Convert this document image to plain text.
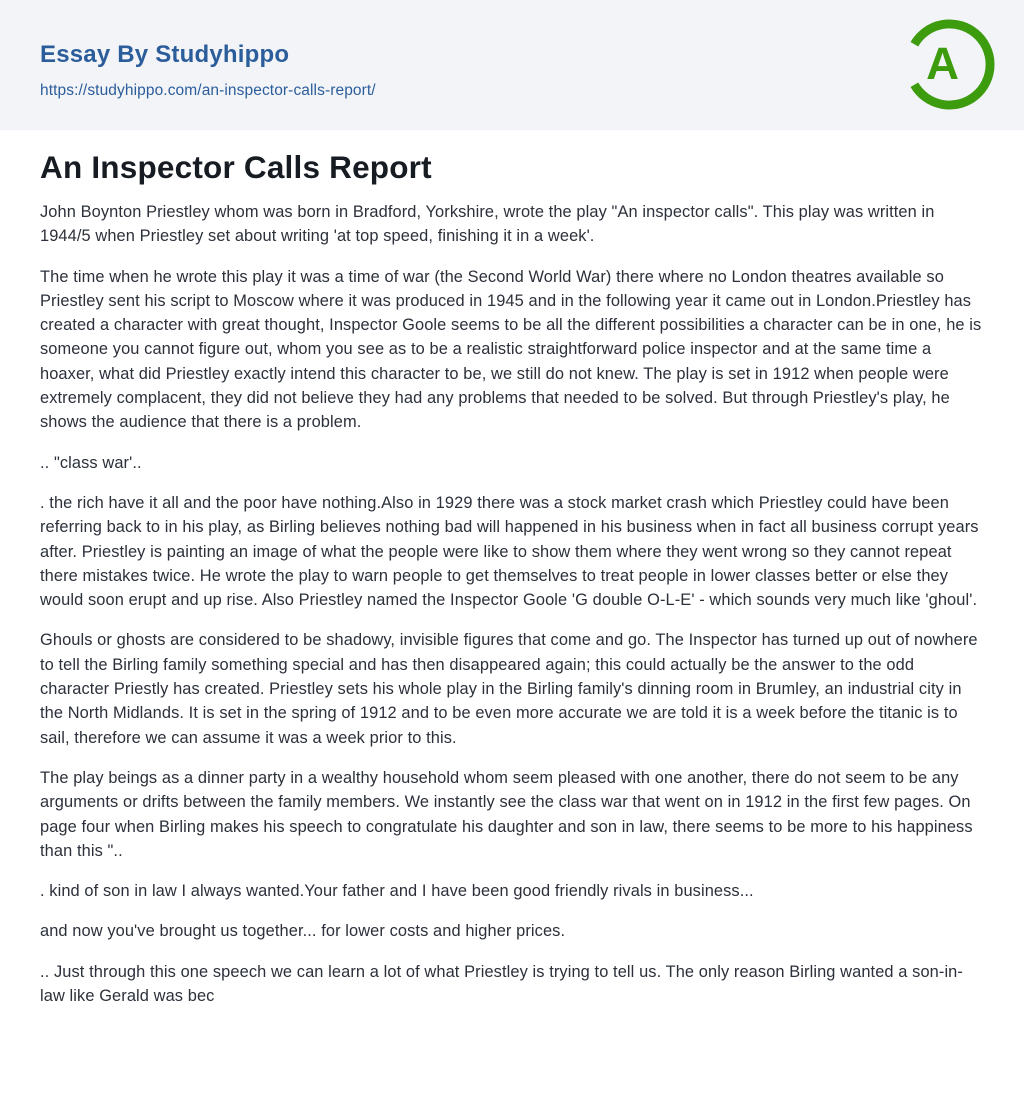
Essay By Studyhippo
https://studyhippo.com/an-inspector-calls-report/
A
An Inspector Calls Report

John Boynton Priestley whom was born in Bradford, Yorkshire, wrote the play "An inspector calls". This play was written in 1944/5 when Priestley set about writing 'at top speed, finishing it in a week'.

The time when he wrote this play it was a time of war (the Second World War) there where no London theatres available so Priestley sent his script to Moscow where it was produced in 1945 and in the following year it came out in London.Priestley has created a character with great thought, Inspector Goole seems to be all the different possibilities a character can be in one, he is someone you cannot figure out, whom you see as to be a realistic straightforward police inspector and at the same time a hoaxer, what did Priestley exactly intend this character to be, we still do not knew. The play is set in 1912 when people were extremely complacent, they did not believe they had any problems that needed to be solved. But through Priestley's play, he shows the audience that there is a problem.

.. "class war'..

. the rich have it all and the poor have nothing.Also in 1929 there was a stock market crash which Priestley could have been referring back to in his play, as Birling believes nothing bad will happened in his business when in fact all business corrupt years after. Priestley is painting an image of what the people were like to show them where they went wrong so they cannot repeat there mistakes twice. He wrote the play to warn people to get themselves to treat people in lower classes better or else they would soon erupt and up rise. Also Priestley named the Inspector Goole 'G double O-L-E' - which sounds very much like 'ghoul'.

Ghouls or ghosts are considered to be shadowy, invisible figures that come and go. The Inspector has turned up out of nowhere to tell the Birling family something special and has then disappeared again; this could actually be the answer to the odd character Priestly has created. Priestley sets his whole play in the Birling family's dinning room in Brumley, an industrial city in the North Midlands. It is set in the spring of 1912 and to be even more accurate we are told it is a week before the titanic is to sail, therefore we can assume it was a week prior to this.

The play beings as a dinner party in a wealthy household whom seem pleased with one another, there do not seem to be any arguments or drifts between the family members. We instantly see the class war that went on in 1912 in the first few pages. On page four when Birling makes his speech to congratulate his daughter and son in law, there seems to be more to his happiness than this "..

. kind of son in law I always wanted.Your father and I have been good friendly rivals in business...

and now you've brought us together... for lower costs and higher prices.

.. Just through this one speech we can learn a lot of what Priestley is trying to tell us. The only reason Birling wanted a son-in-law like Gerald was bec
